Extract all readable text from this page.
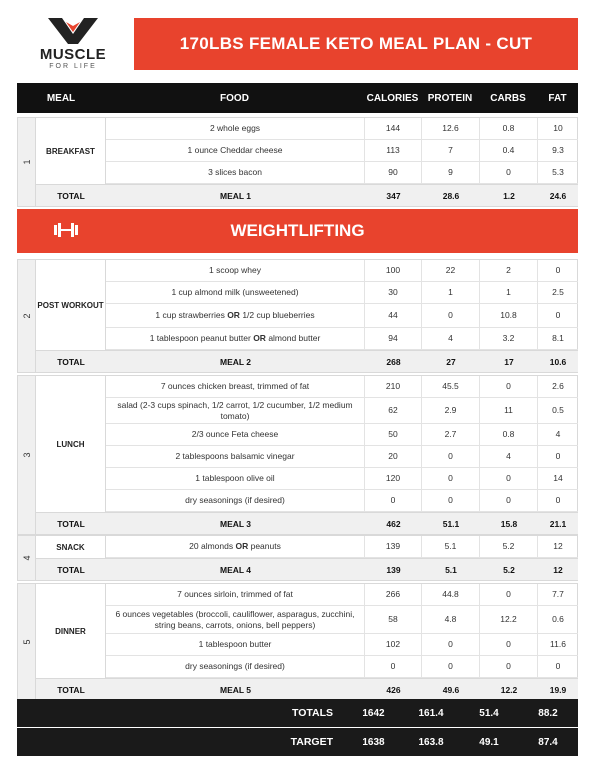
MUSCLE
FOR LIFE
170LBS FEMALE KETO MEAL PLAN - CUT
MEAL	FOOD	CALORIES PROTEIN	CARBS	FAT
WEIGHTLIFTING
1
BREAKFAST
2 whole eggs	144	12.6	0.8	10
1 ounce Cheddar cheese	113	7	0.4	9.3
3 slices bacon	90	9	0	5.3
TOTAL	MEAL 1	347	28.6	1.2	24.6
2
POST WORKOUT
1 scoop whey	100	22	2	0
1 cup almond milk (unsweetened)	30	1	1	2.5
1 cup strawberries OR 1/2 cup blueberries	44	0	10.8	0
1 tablespoon peanut butter OR almond butter	94	4	3.2	8.1
TOTAL	MEAL 2	268	27	17	10.6
3
LUNCH
7 ounces chicken breast, trimmed of fat	210	45.5	0	2.6
salad (2-3 cups spinach, 1/2 carrot, 1/2 cucumber, 1/2 medium tomato)
62	2.9	11	0.5
2/3 ounce Feta cheese	50	2.7	0.8	4
2 tablespoons balsamic vinegar	20	0	4	0
1 tablespoon olive oil	120	0	0	14
dry seasonings (if desired)	0	0	0	0
TOTAL	MEAL 3	462	51.1	15.8	21.1
4
SNACK	20 almonds OR peanuts	139	5.1	5.2	12
TOTAL	MEAL 4	139	5.1	5.2	12
5
DINNER
7 ounces sirloin, trimmed of fat	266	44.8	0	7.7
6 ounces vegetables (broccoli, cauliflower, asparagus, zucchini, string beans, carrots, onions, bell peppers)
58	4.8	12.2	0.6
1 tablespoon butter	102	0	0	11.6
dry seasonings (if desired)	0	0	0	0
TOTAL	MEAL 5	426	49.6	12.2	19.9
TOTALS	1642	161.4	51.4	88.2
TARGET	1638	163.8	49.1	87.4
